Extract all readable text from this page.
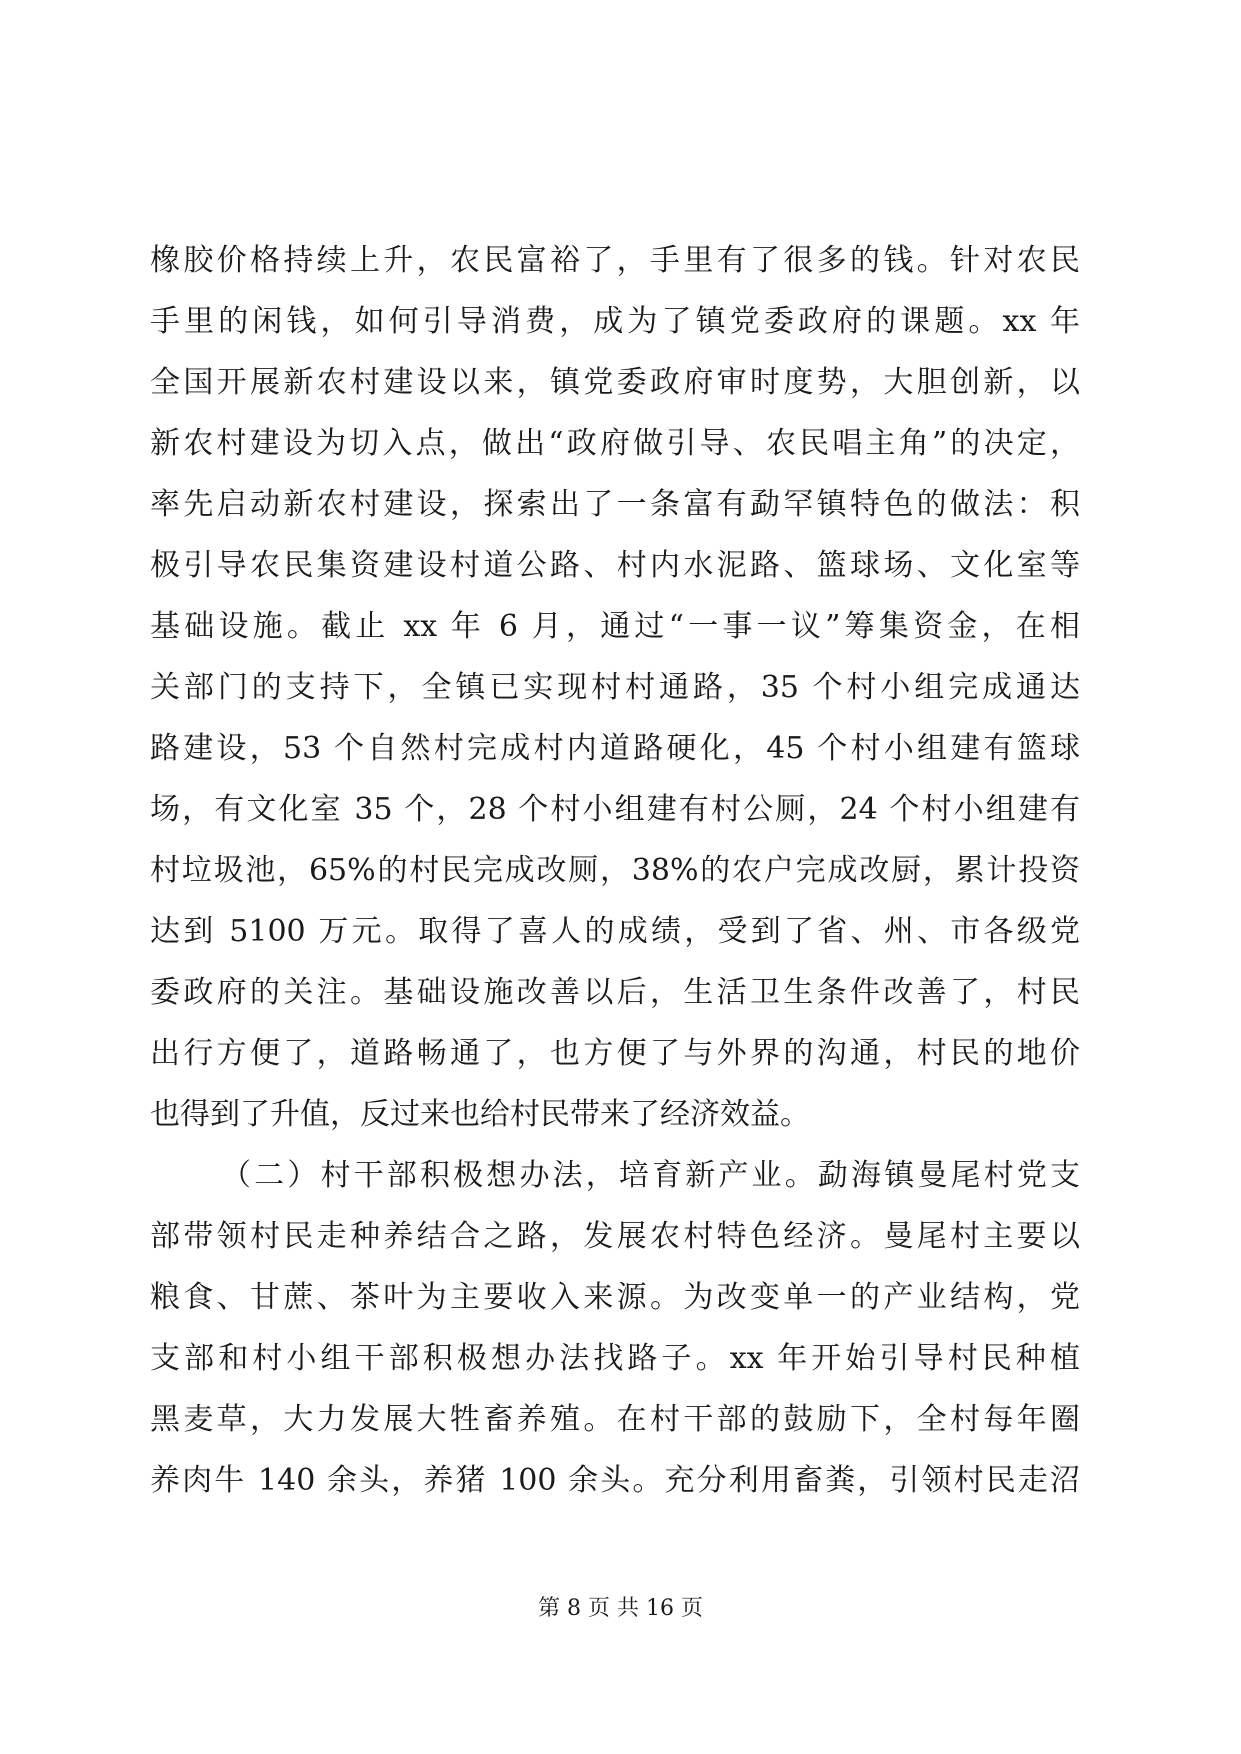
橡胶价格持续上升，农民富裕了，手里有了很多的钱。针对农民
手里的闲钱，如何引导消费，成为了镇党委政府的课题。xx 年
全国开展新农村建设以来，镇党委政府审时度势，大胆创新，以
新农村建设为切入点，做出“政府做引导、农民唱主角”的决定，
率先启动新农村建设，探索出了一条富有勐罕镇特色的做法：积
极引导农民集资建设村道公路、村内水泥路、篮球场、文化室等
基础设施。截止 xx 年 6 月，通过“一事一议”筹集资金，在相
关部门的支持下，全镇已实现村村通路，35 个村小组完成通达
路建设，53 个自然村完成村内道路硬化，45 个村小组建有篮球
场，有文化室 35 个，28 个村小组建有村公厕，24 个村小组建有
村垃圾池，65%的村民完成改厕，38%的农户完成改厨，累计投资
达到 5100 万元。取得了喜人的成绩，受到了省、州、市各级党
委政府的关注。基础设施改善以后，生活卫生条件改善了，村民
出行方便了，道路畅通了，也方便了与外界的沟通，村民的地价
也得到了升值，反过来也给村民带来了经济效益。
（二）村干部积极想办法，培育新产业。勐海镇曼尾村党支
部带领村民走种养结合之路，发展农村特色经济。曼尾村主要以
粮食、甘蔗、茶叶为主要收入来源。为改变单一的产业结构，党
支部和村小组干部积极想办法找路子。xx 年开始引导村民种植
黑麦草，大力发展大牲畜养殖。在村干部的鼓励下，全村每年圈
养肉牛 140 余头，养猪 100 余头。充分利用畜粪，引领村民走沼
第 8 页 共 16 页
